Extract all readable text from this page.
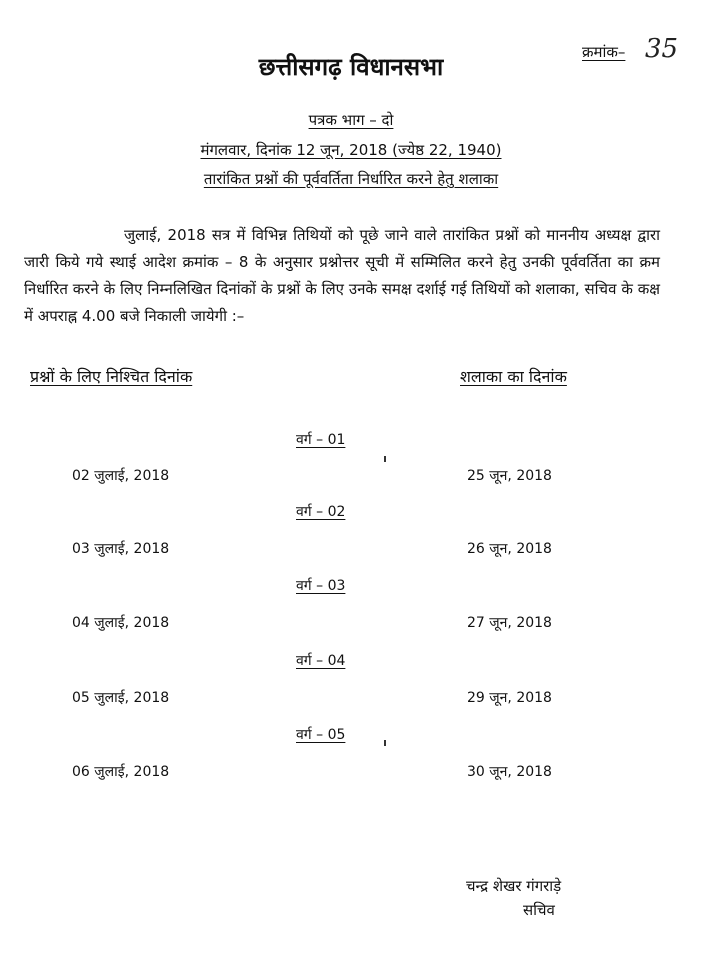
क्रमांक– 35
छत्तीसगढ़ विधानसभा
पत्रक भाग – दो
मंगलवार, दिनांक 12 जून, 2018 (ज्येष्ठ 22, 1940)
तारांकित प्रश्नों की पूर्ववर्तिता निर्धारित करने हेतु शलाका
जुलाई, 2018 सत्र में विभिन्न तिथियों को पूछे जाने वाले तारांकित प्रश्नों को माननीय अध्यक्ष द्वारा जारी किये गये स्थाई आदेश क्रमांक – 8 के अनुसार प्रश्नोत्तर सूची में सम्मिलित करने हेतु उनकी पूर्ववर्तिता का क्रम निर्धारित करने के लिए निम्नलिखित दिनांकों के प्रश्नों के लिए उनके समक्ष दर्शाई गई तिथियों को शलाका, सचिव के कक्ष में अपराह्न 4.00 बजे निकाली जायेगी :–
प्रश्नों के लिए निश्चित दिनांक	शलाका का दिनांक
वर्ग – 01
02 जुलाई, 2018	25 जून, 2018
वर्ग – 02
03 जुलाई, 2018	26 जून, 2018
वर्ग – 03
04 जुलाई, 2018	27 जून, 2018
वर्ग – 04
05 जुलाई, 2018	29 जून, 2018
वर्ग – 05
06 जुलाई, 2018	30 जून, 2018
चन्द्र शेखर गंगराड़े
सचिव
